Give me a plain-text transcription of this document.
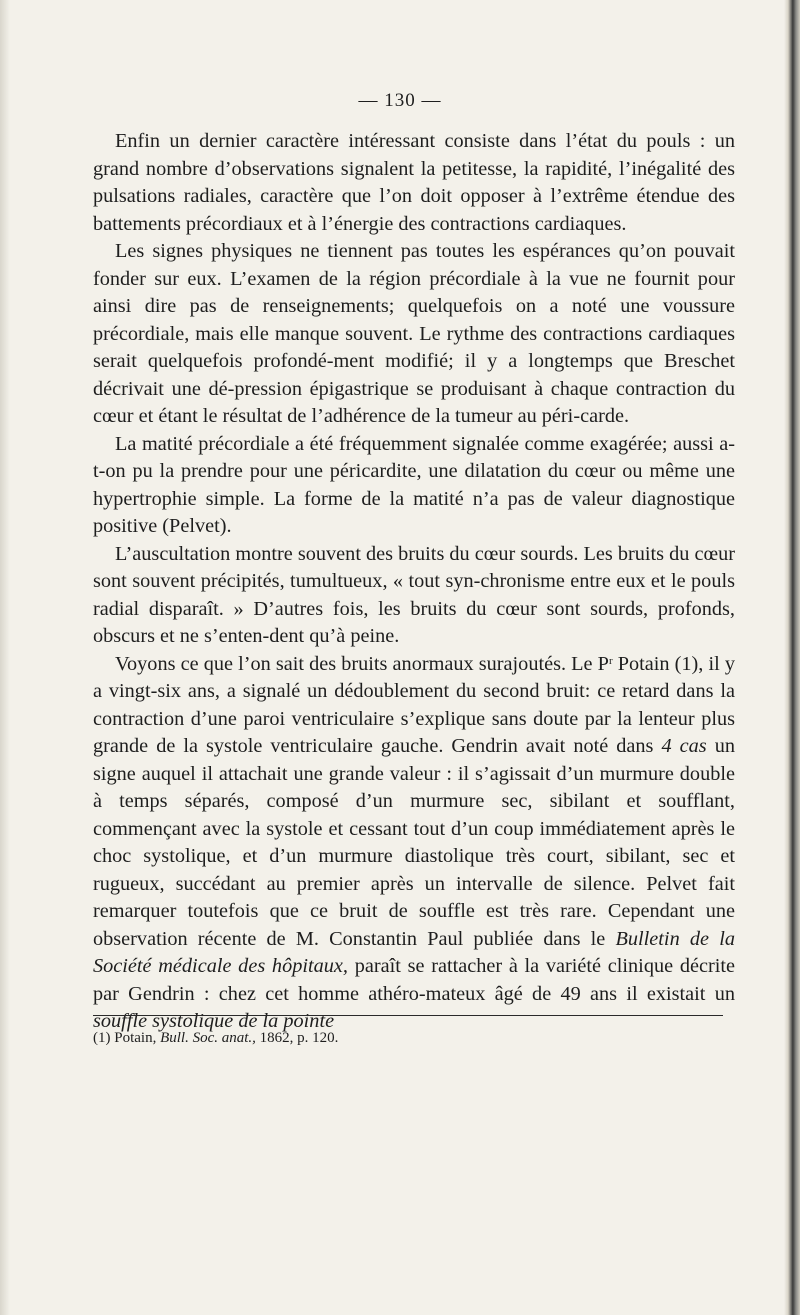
— 130 —

Enfin un dernier caractère intéressant consiste dans l’état du pouls : un grand nombre d’observations signalent la petitesse, la rapidité, l’inégalité des pulsations radiales, caractère que l’on doit opposer à l’extrême étendue des battements précordiaux et à l’énergie des contractions cardiaques.

Les signes physiques ne tiennent pas toutes les espérances qu’on pouvait fonder sur eux. L’examen de la région précordiale à la vue ne fournit pour ainsi dire pas de renseignements; quelquefois on a noté une voussure précordiale, mais elle manque souvent. Le rythme des contractions cardiaques serait quelquefois profondé-ment modifié; il y a longtemps que Breschet décrivait une dé-pression épigastrique se produisant à chaque contraction du cœur et étant le résultat de l’adhérence de la tumeur au péri-carde.

La matité précordiale a été fréquemment signalée comme exagérée; aussi a-t-on pu la prendre pour une péricardite, une dilatation du cœur ou même une hypertrophie simple. La forme de la matité n’a pas de valeur diagnostique positive (Pelvet).

L’auscultation montre souvent des bruits du cœur sourds. Les bruits du cœur sont souvent précipités, tumultueux, « tout syn-chronisme entre eux et le pouls radial disparaît. » D’autres fois, les bruits du cœur sont sourds, profonds, obscurs et ne s’enten-dent qu’à peine.

Voyons ce que l’on sait des bruits anormaux surajoutés. Le $P^r$ Potain (1), il y a vingt-six ans, a signalé un dédoublement du second bruit: ce retard dans la contraction d’une paroi ventriculaire s’explique sans doute par la lenteur plus grande de la systole ventriculaire gauche. Gendrin avait noté dans 4 cas un signe auquel il attachait une grande valeur : il s’agissait d’un murmure double à temps séparés, composé d’un murmure sec, sibilant et soufflant, commençant avec la systole et cessant tout d’un coup immédiatement après le choc systolique, et d’un murmure diastolique très court, sibilant, sec et rugueux, succédant au premier après un intervalle de silence. Pelvet fait remarquer toutefois que ce bruit de souffle est très rare. Cependant une observation récente de M. Constantin Paul publiée dans le Bulletin de la Société médicale des hôpitaux, paraît se rattacher à la variété clinique décrite par Gendrin : chez cet homme athéro-mateux âgé de 49 ans il existait un souffle systolique de la pointe

(1) Potain, Bull. Soc. anat., 1862, p. 120.
